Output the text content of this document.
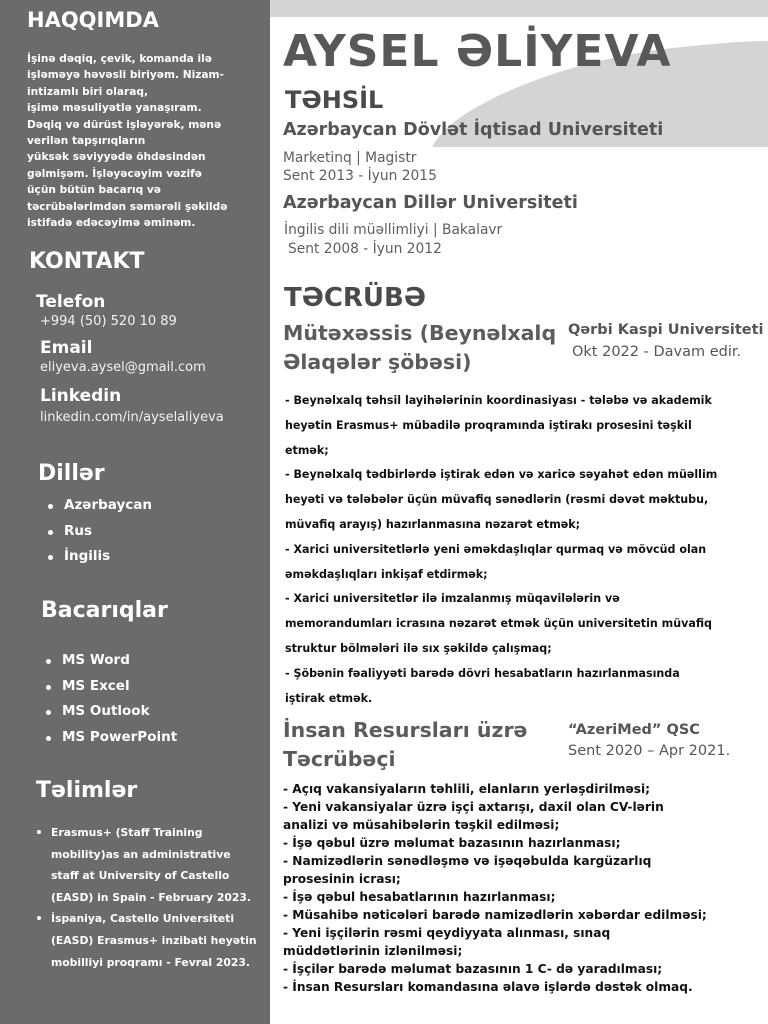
HAQQIMDA
İşinə dəqiq, çevik, komanda ilə
işləməyə həvəsli biriyəm. Nizam-
intizamlı biri olaraq,
işimə məsuliyətlə yanaşıram.
Dəqiq və dürüst işləyərək, mənə
verilən tapşırıqların
yüksək səviyyədə öhdəsindən
gəlmişəm. İşləyəcəyim vəzifə
üçün bütün bacarıq və
təcrübələrimdən səmərəli şəkildə
istifadə edəcəyimə əminəm.
KONTAKT
Telefon
+994 (50) 520 10 89
Email
eliyeva.aysel@gmail.com
Linkedin
linkedin.com/in/ayselaliyeva
Dillər
Azərbaycan
Rus
İngilis
Bacarıqlar
MS Word
MS Excel
MS Outlook
MS PowerPoint
Təlimlər
Erasmus+ (Staff Training mobility)as an administrative staff at University of Castello (EASD) in Spain - February 2023.
İspaniya, Castello Universiteti (EASD) Erasmus+ inzibati heyətin mobilliyi proqramı - Fevral 2023.
AYSEL ƏLİYEVA
TƏHSİL
Azərbaycan Dövlət İqtisad Universiteti
Marketinq | Magistr
Sent 2013 - İyun 2015
Azərbaycan Dillər Universiteti
İngilis dili müəllimliyi | Bakalavr
Sent 2008 - İyun 2012
TƏCRÜBƏ
Mütəxəssis (Beynəlxalq Əlaqələr şöbəsi)
Qərbi Kaspi Universiteti
Okt 2022 - Davam edir.
- Beynəlxalq təhsil layihələrinin koordinasiyası - tələbə və akademik
heyətin Erasmus+ mübadilə proqramında iştirakı prosesini təşkil
etmək;
- Beynəlxalq tədbirlərdə iştirak edən və xaricə səyahət edən müəllim
heyəti və tələbələr üçün müvafiq sənədlərin (rəsmi dəvət məktubu,
müvafiq arayış) hazırlanmasına nəzarət etmək;
- Xarici universitetlərlə yeni əməkdaşlıqlar qurmaq və mövcüd olan
əməkdaşlıqları inkişaf etdirmək;
- Xarici universitetlər ilə imzalanmış müqavilələrin və
memorandumları icrasına nəzarət etmək üçün universitetin müvafiq
struktur bölmələri ilə sıx şəkildə çalışmaq;
- Şöbənin fəaliyyəti barədə dövri hesabatların hazırlanmasında
iştirak etmək.
İnsan Resursları üzrə Təcrübəçi
“AzeriMed” QSC
Sent 2020 – Apr 2021.
- Açıq vakansiyaların təhlili, elanların yerləşdirilməsi;
- Yeni vakansiyalar üzrə işçi axtarışı, daxil olan CV-lərin
analizi və müsahibələrin təşkil edilməsi;
- İşə qəbul üzrə məlumat bazasının hazırlanması;
- Namizədlərin sənədləşmə və işəqəbulda kargüzarlıq
prosesinin icrası;
- İşə qəbul hesabatlarının hazırlanması;
- Müsahibə nəticələri barədə namizədlərin xəbərdar edilməsi;
- Yeni işçilərin rəsmi qeydiyyata alınması, sınaq
müddətlərinin izlənilməsi;
- İşçilər barədə məlumat bazasının 1 C- də yaradılması;
- İnsan Resursları komandasına əlavə işlərdə dəstək olmaq.
